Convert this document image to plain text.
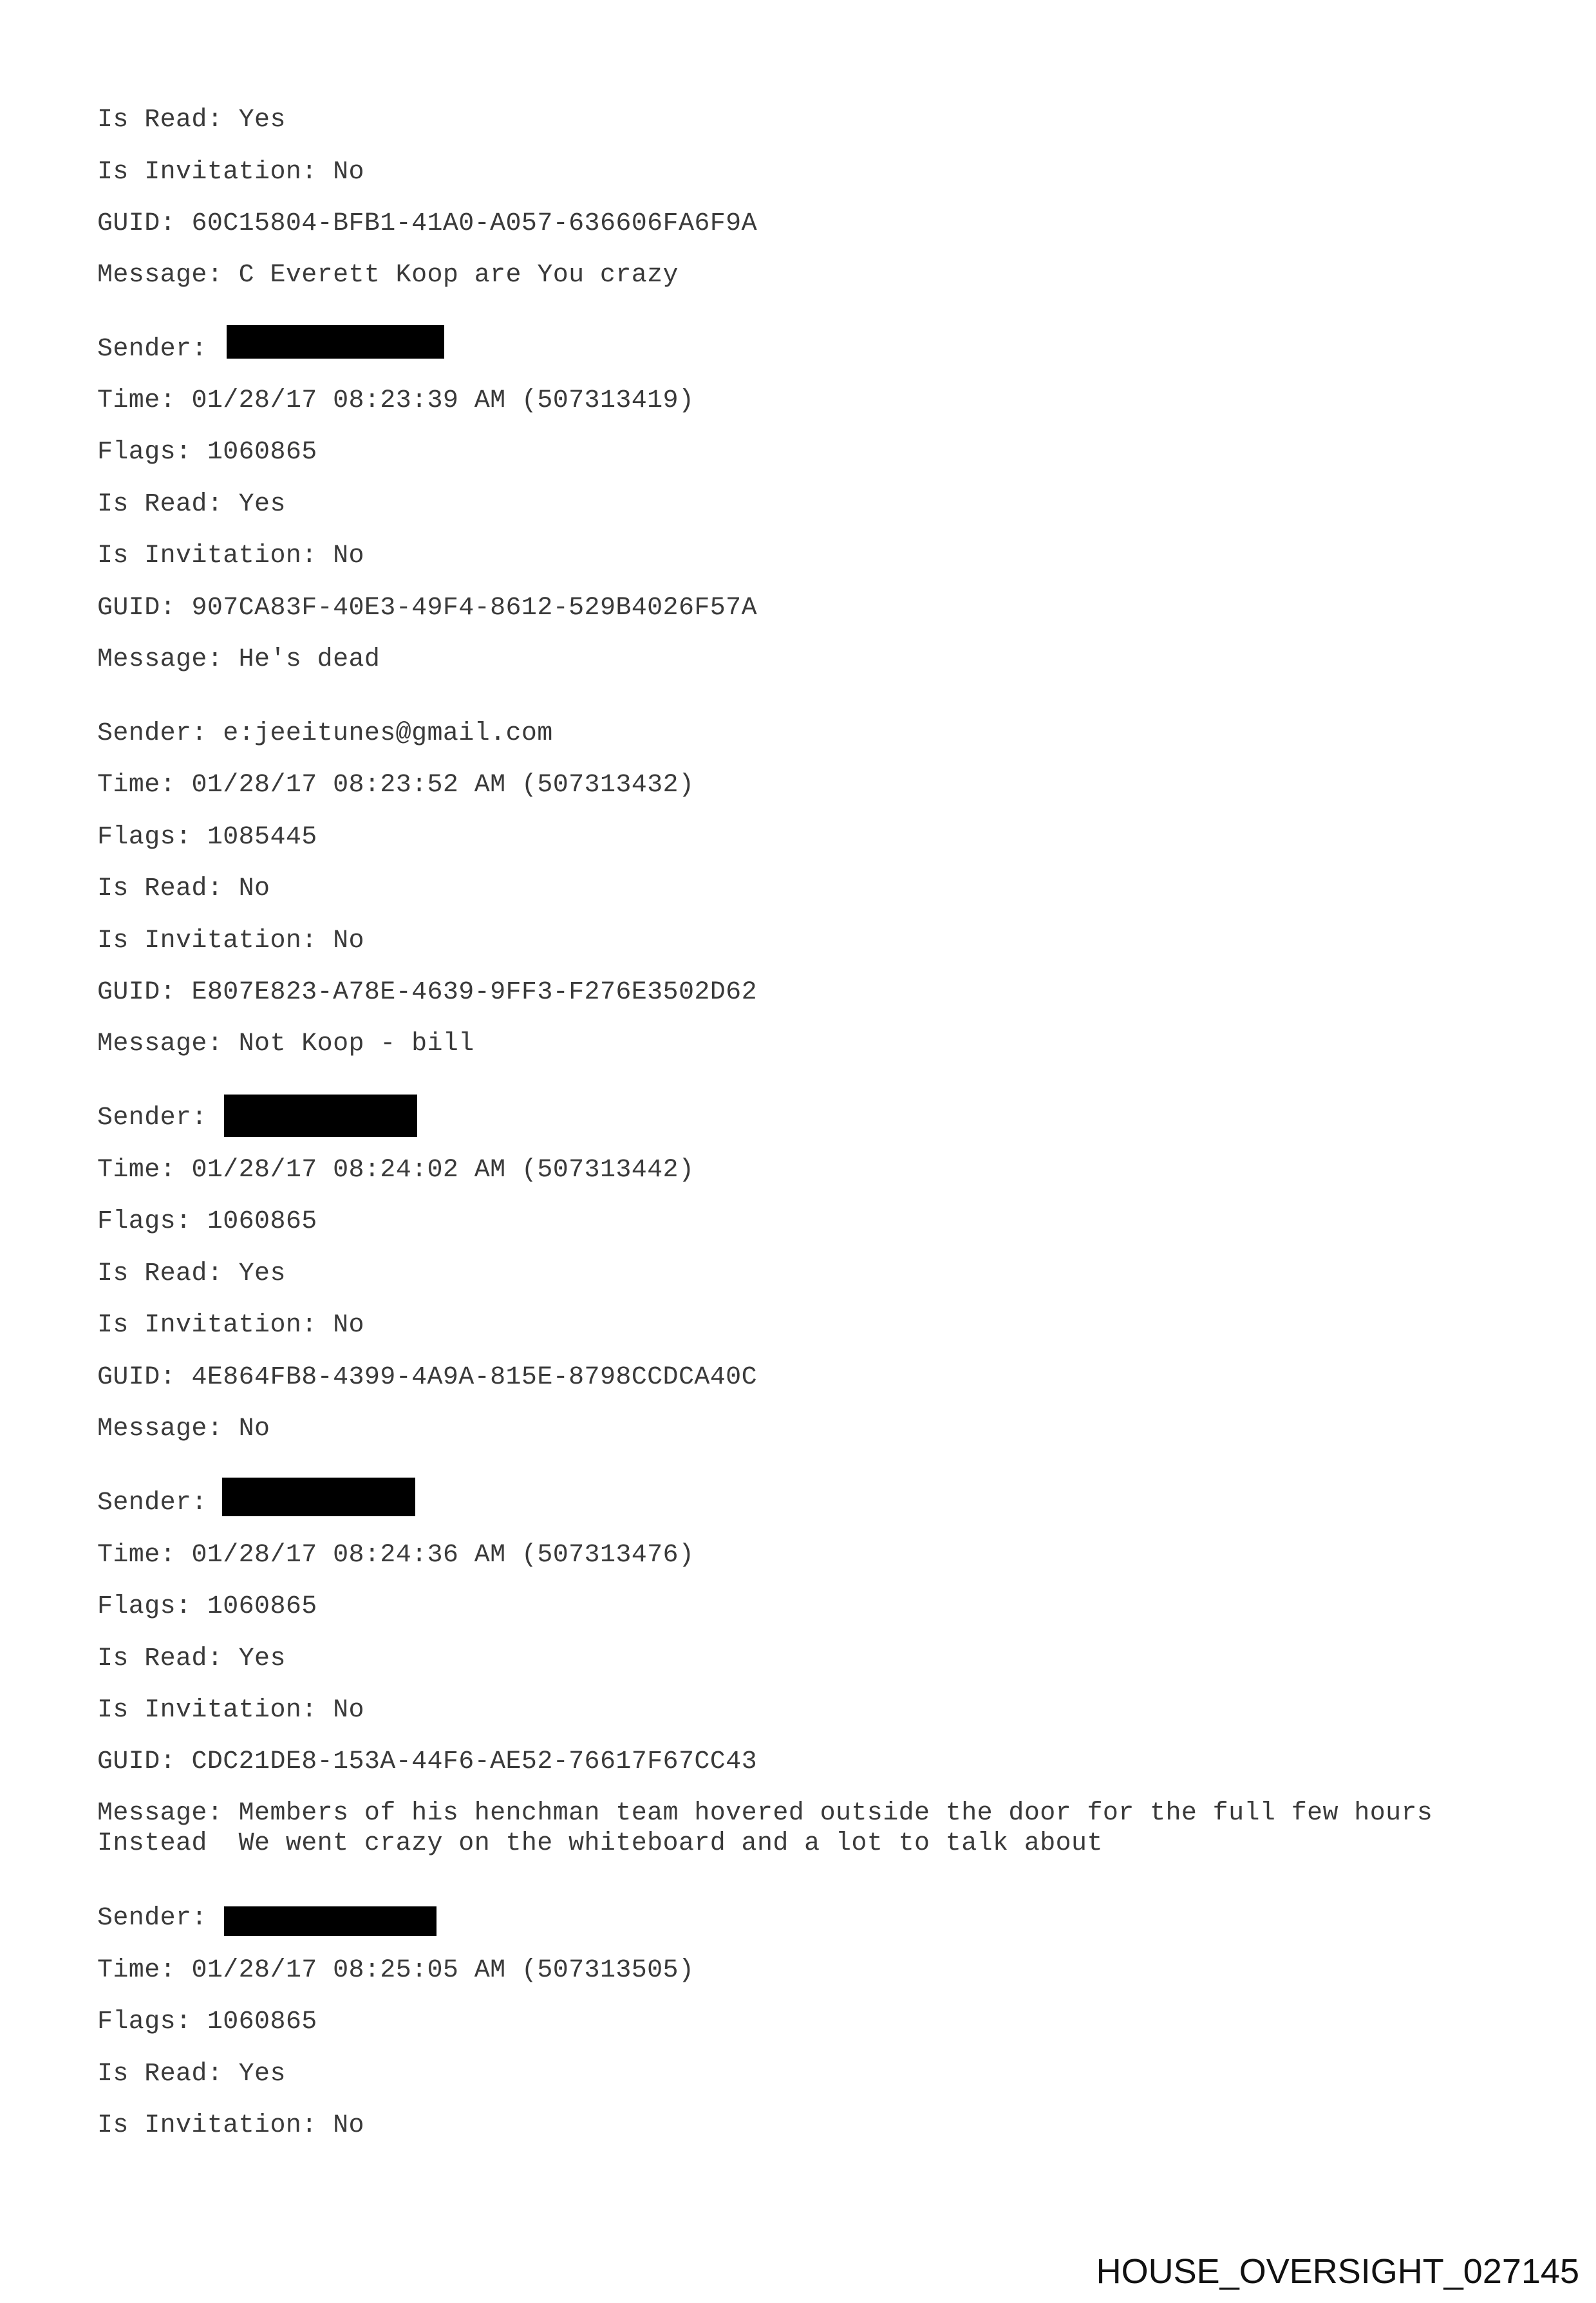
Is Read: Yes
Is Invitation: No
GUID: 60C15804-BFB1-41A0-A057-636606FA6F9A
Message: C Everett Koop are You crazy
Sender:
Time: 01/28/17 08:23:39 AM (507313419)
Flags: 1060865
Is Read: Yes
Is Invitation: No
GUID: 907CA83F-40E3-49F4-8612-529B4026F57A
Message: He's dead
Sender: e:jeeitunes@gmail.com
Time: 01/28/17 08:23:52 AM (507313432)
Flags: 1085445
Is Read: No
Is Invitation: No
GUID: E807E823-A78E-4639-9FF3-F276E3502D62
Message: Not Koop - bill
Sender:
Time: 01/28/17 08:24:02 AM (507313442)
Flags: 1060865
Is Read: Yes
Is Invitation: No
GUID: 4E864FB8-4399-4A9A-815E-8798CCDCA40C
Message: No
Sender:
Time: 01/28/17 08:24:36 AM (507313476)
Flags: 1060865
Is Read: Yes
Is Invitation: No
GUID: CDC21DE8-153A-44F6-AE52-76617F67CC43
Message: Members of his henchman team hovered outside the door for the full few hours
Instead  We went crazy on the whiteboard and a lot to talk about
Sender:
Time: 01/28/17 08:25:05 AM (507313505)
Flags: 1060865
Is Read: Yes
Is Invitation: No
HOUSE_OVERSIGHT_027145
